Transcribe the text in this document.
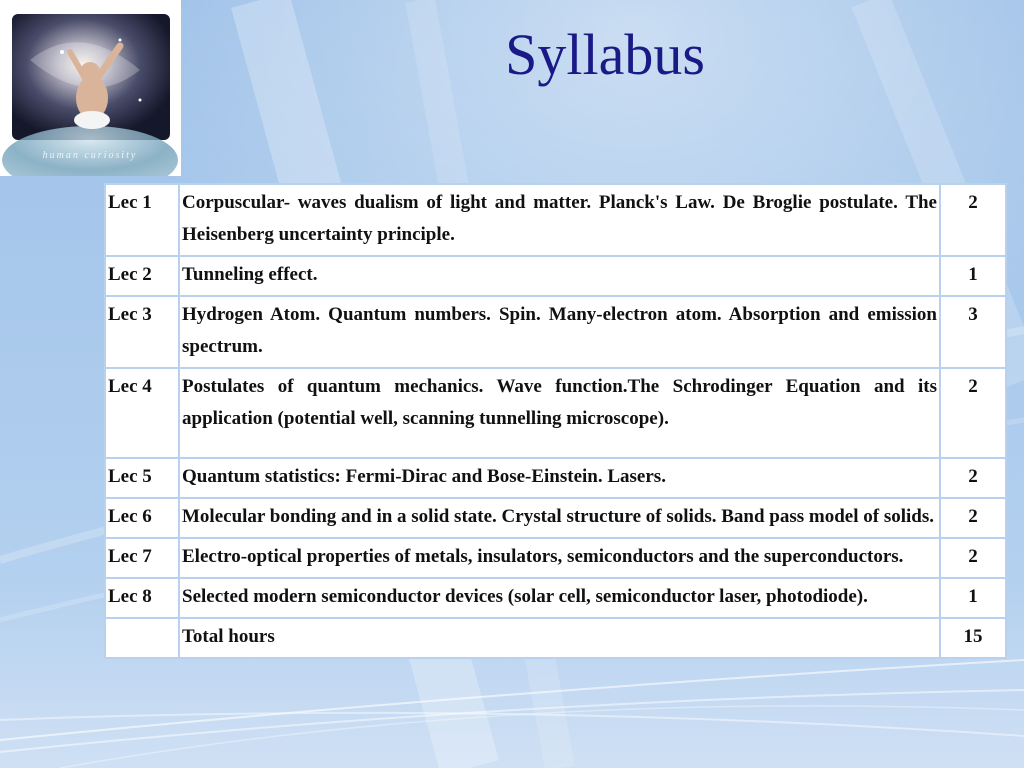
human curiosity
Syllabus
Lec 1	Corpuscular- waves dualism of light and matter. Planck's Law. De Broglie postulate. The Heisenberg uncertainty principle.	2
Lec 2	Tunneling effect.	1
Lec 3	Hydrogen Atom. Quantum numbers. Spin. Many-electron atom. Absorption and emission spectrum.	3
Lec 4	Postulates of quantum mechanics. Wave function.The Schrodinger Equation and its application (potential well, scanning tunnelling microscope).	2
Lec 5	Quantum statistics: Fermi-Dirac and Bose-Einstein. Lasers.	2
Lec 6	Molecular bonding and in a solid state. Crystal structure of solids. Band pass model of solids.	2
Lec 7	Electro-optical properties of metals, insulators, semiconductors and the superconductors.	2
Lec 8	Selected modern semiconductor devices (solar cell, semiconductor laser, photodiode).	1
	Total hours	15
